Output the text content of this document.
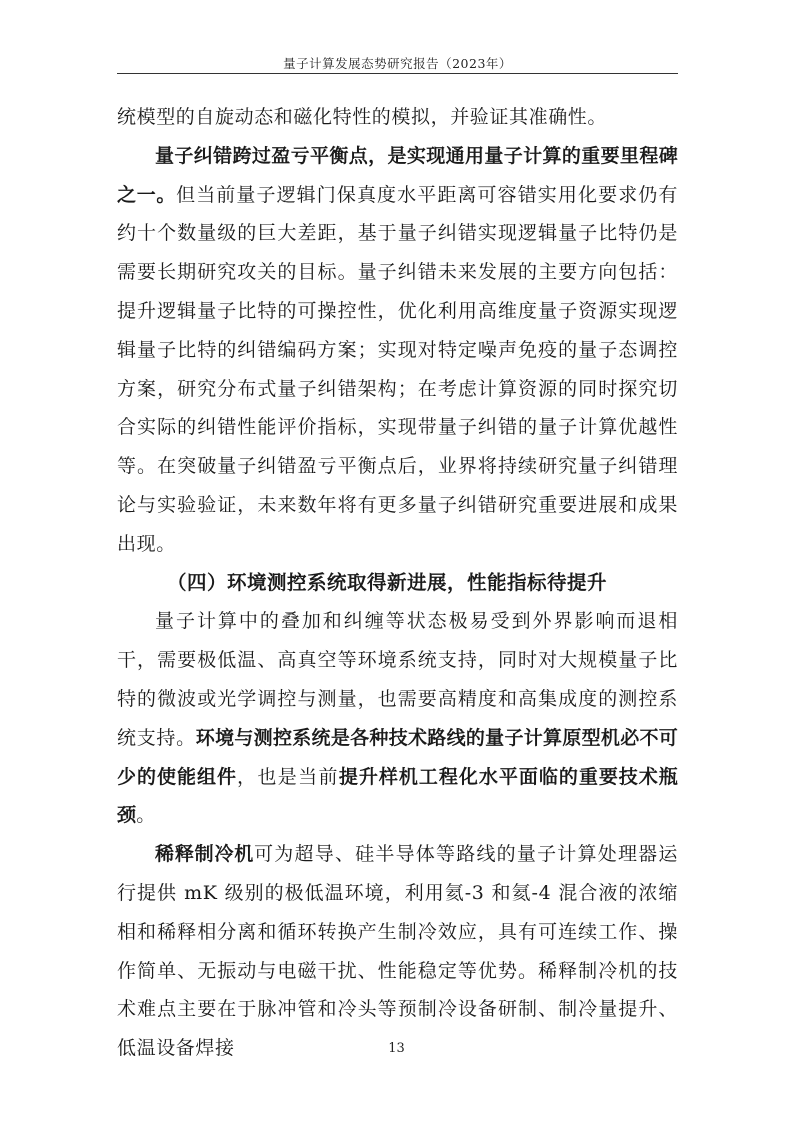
量子计算发展态势研究报告（2023年）

统模型的自旋动态和磁化特性的模拟，并验证其准确性。

量子纠错跨过盈亏平衡点，是实现通用量子计算的重要里程碑之一。但当前量子逻辑门保真度水平距离可容错实用化要求仍有约十个数量级的巨大差距，基于量子纠错实现逻辑量子比特仍是需要长期研究攻关的目标。量子纠错未来发展的主要方向包括：提升逻辑量子比特的可操控性，优化利用高维度量子资源实现逻辑量子比特的纠错编码方案；实现对特定噪声免疫的量子态调控方案，研究分布式量子纠错架构；在考虑计算资源的同时探究切合实际的纠错性能评价指标，实现带量子纠错的量子计算优越性等。在突破量子纠错盈亏平衡点后，业界将持续研究量子纠错理论与实验验证，未来数年将有更多量子纠错研究重要进展和成果出现。

（四）环境测控系统取得新进展，性能指标待提升

量子计算中的叠加和纠缠等状态极易受到外界影响而退相干，需要极低温、高真空等环境系统支持，同时对大规模量子比特的微波或光学调控与测量，也需要高精度和高集成度的测控系统支持。环境与测控系统是各种技术路线的量子计算原型机必不可少的使能组件，也是当前提升样机工程化水平面临的重要技术瓶颈。

稀释制冷机可为超导、硅半导体等路线的量子计算处理器运行提供 mK 级别的极低温环境，利用氦-3 和氦-4 混合液的浓缩相和稀释相分离和循环转换产生制冷效应，具有可连续工作、操作简单、无振动与电磁干扰、性能稳定等优势。稀释制冷机的技术难点主要在于脉冲管和冷头等预制冷设备研制、制冷量提升、低温设备焊接	13
